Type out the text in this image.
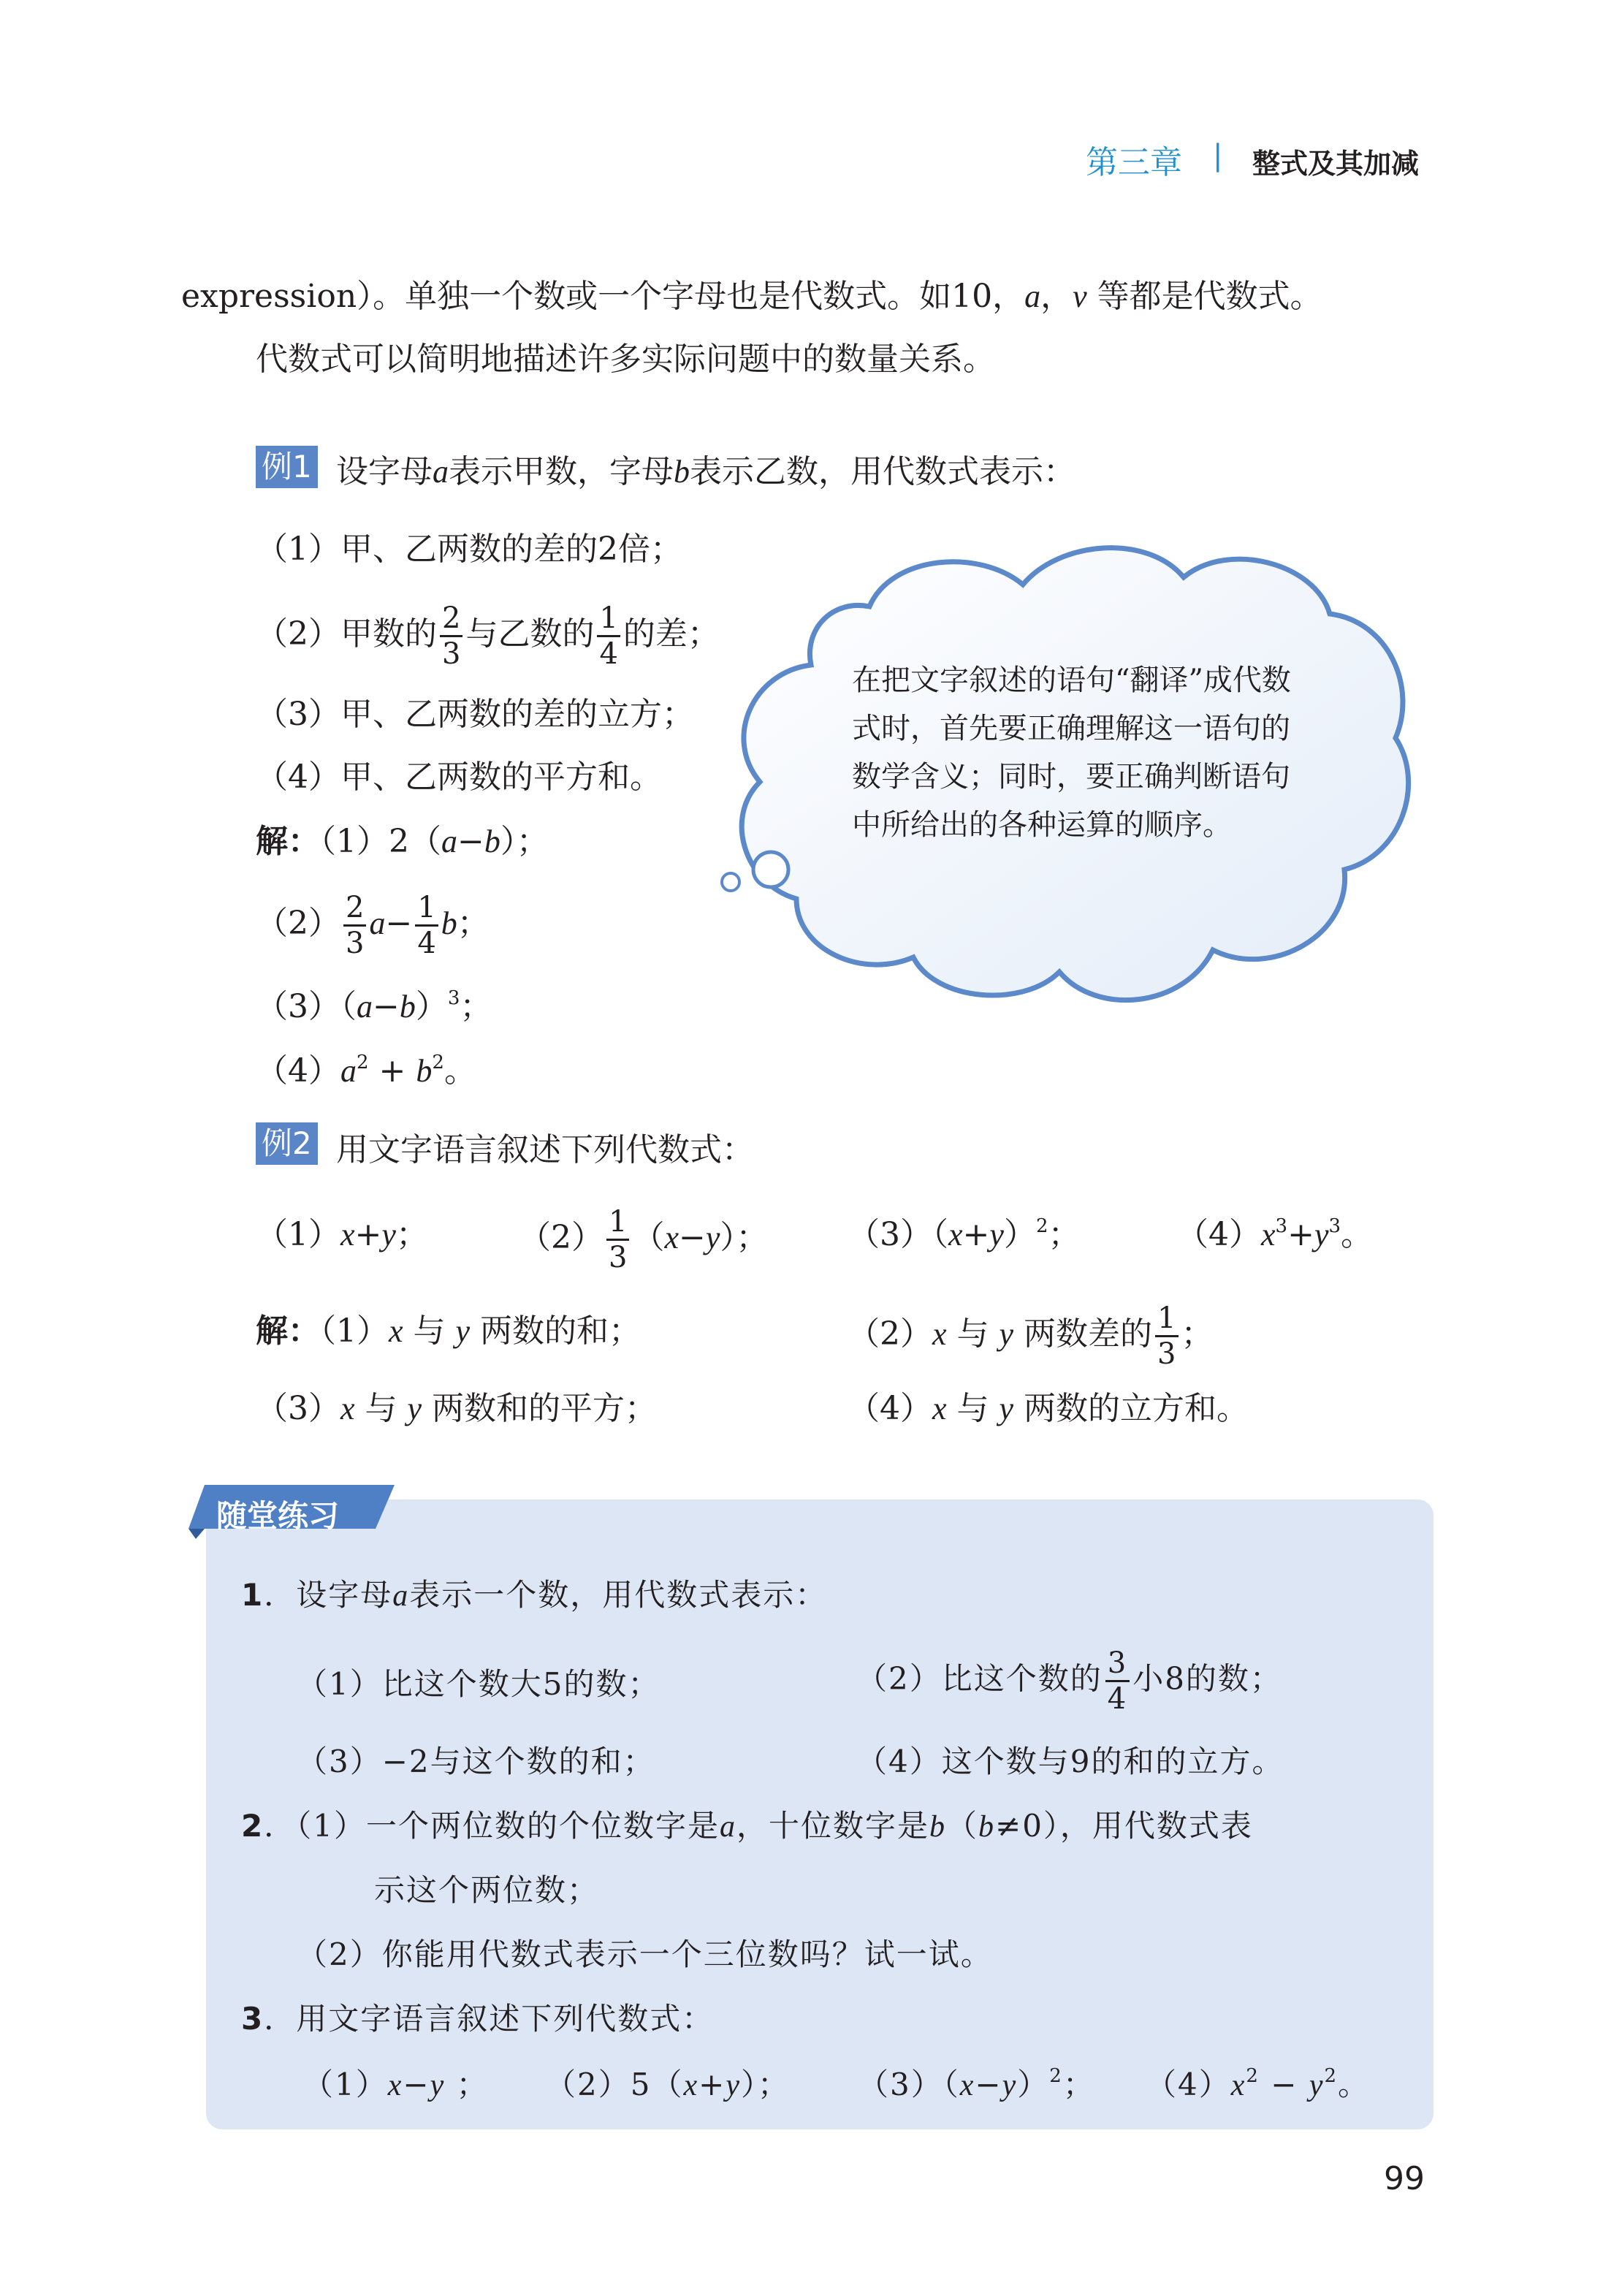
第三章 | 整式及其加减
expression）。单独一个数或一个字母也是代数式。如10，a，v 等都是代数式。
代数式可以简明地描述许多实际问题中的数量关系。
例1 设字母a表示甲数，字母b表示乙数，用代数式表示：
（1）甲、乙两数的差的2倍；
（2）甲数的 $\frac{2}{3}$ 与乙数的 $\frac{1}{4}$ 的差；
（3）甲、乙两数的差的立方；
（4）甲、乙两数的平方和。
解：（1）2（a−b）；
$(2) \frac{2}{3} a- \frac{1}{4}$ b；
$(3)(a-b)^3$；
$(4)a^2 + b^2$。
在把文字叙述的语句“翻译”成代数式时，首先要正确理解这一语句的数学含义；同时，要正确判断语句中所给出的各种运算的顺序。
例2 用文字语言叙述下列代数式：
（1）x+y；	$(2) \frac{1}{3} (x-y)$； $(3)(x+y)^2$；	$(4)x^3+y^3$。
解：（1）x 与 y 两数的和；	（2）x 与 y 两数差的 $\frac{1}{3}$ ；
（3）x 与 y 两数和的平方；	（4）x 与 y 两数的立方和。
随堂练习
1．设字母a表示一个数，用代数式表示：
（1）比这个数大5的数；	（2）比这个数的 $\frac{3}{4}$ 小8的数；
（3）−2与这个数的和；	（4）这个数与9的和的立方。
2．（1）一个两位数的个位数字是a，十位数字是b（b≠0），用代数式表
示这个两位数；
（2）你能用代数式表示一个三位数吗？试一试。
3．用文字语言叙述下列代数式：
（1）x−y ； （2）5（x+y）； $(3)(x-y)^2$； $(4)x^2 - y^2$。
99
